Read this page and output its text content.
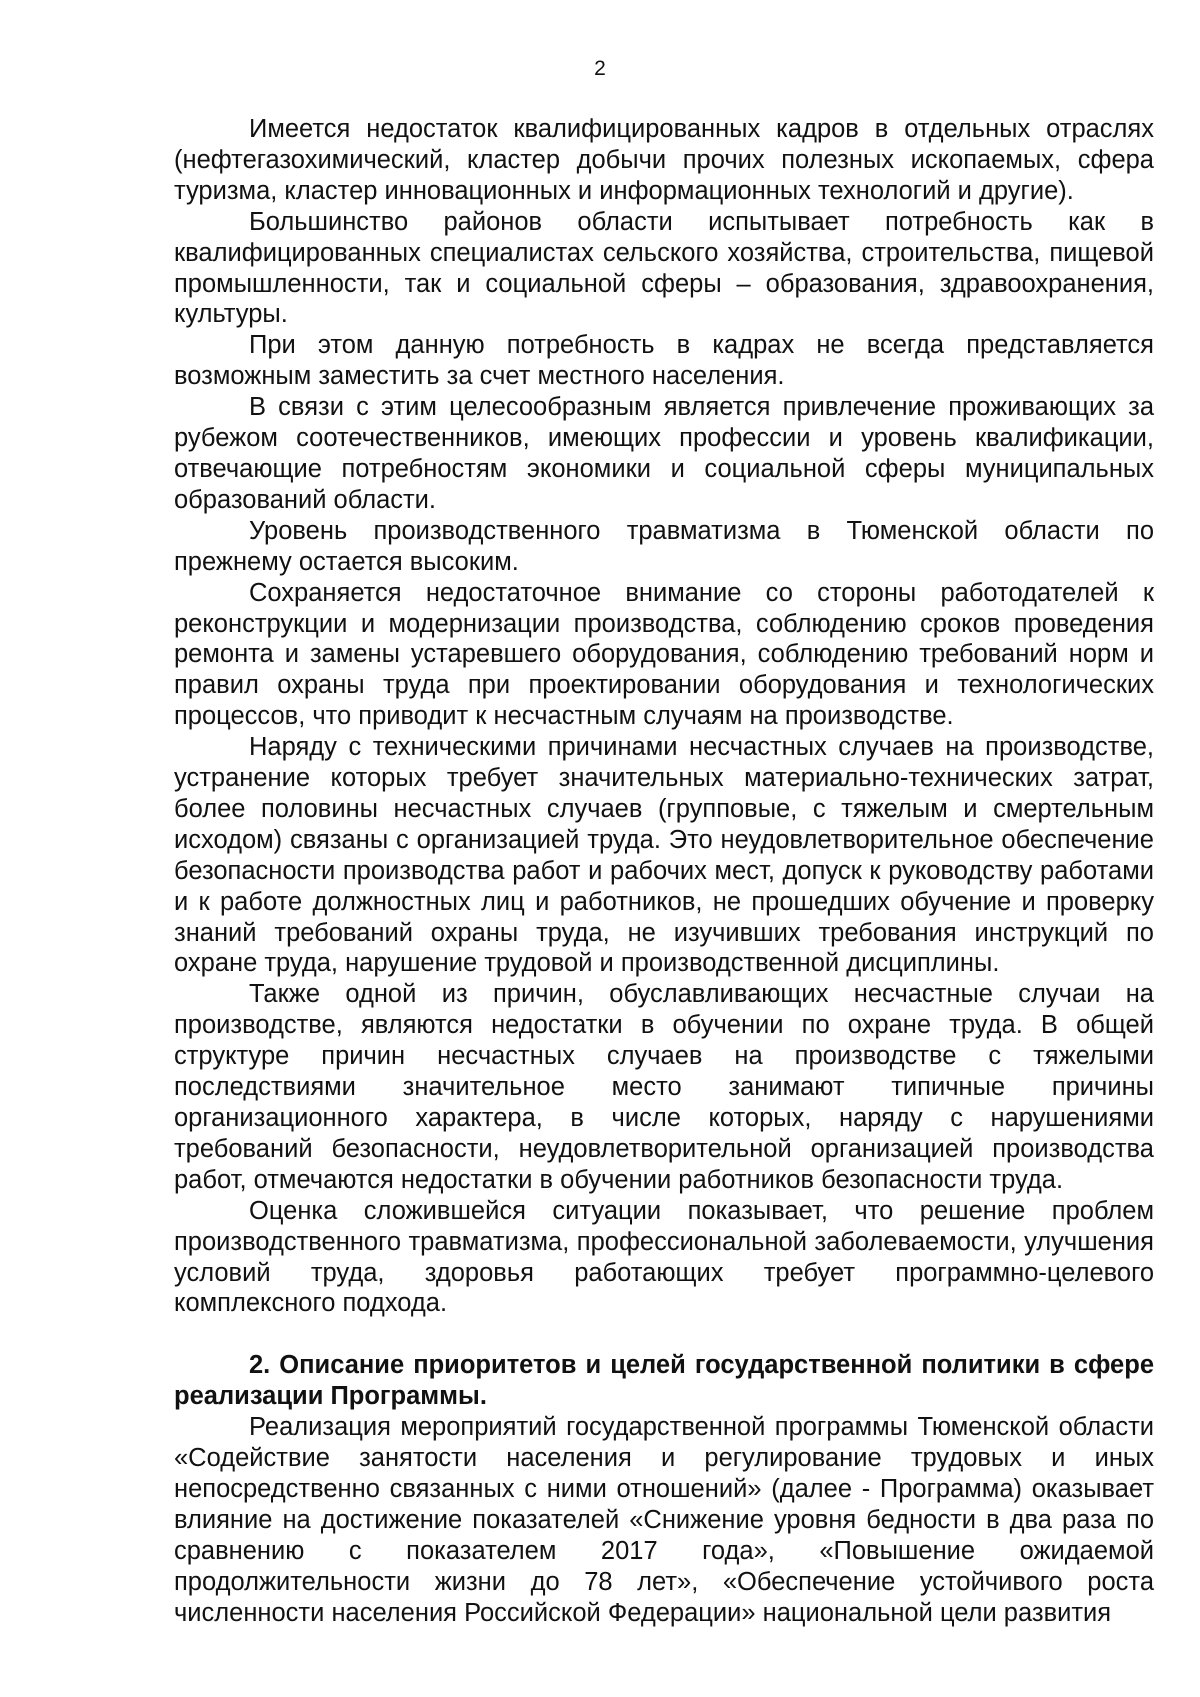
2

Имеется недостаток квалифицированных кадров в отдельных отраслях (нефтегазохимический, кластер добычи прочих полезных ископаемых, сфера туризма, кластер инновационных и информационных технологий и другие).

Большинство районов области испытывает потребность как в квалифицированных специалистах сельского хозяйства, строительства, пищевой промышленности, так и социальной сферы – образования, здравоохранения, культуры.

При этом данную потребность в кадрах не всегда представляется возможным заместить за счет местного населения.

В связи с этим целесообразным является привлечение проживающих за рубежом соотечественников, имеющих профессии и уровень квалификации, отвечающие потребностям экономики и социальной сферы муниципальных образований области.

Уровень производственного травматизма в Тюменской области по прежнему остается высоким.

Сохраняется недостаточное внимание со стороны работодателей к реконструкции и модернизации производства, соблюдению сроков проведения ремонта и замены устаревшего оборудования, соблюдению требований норм и правил охраны труда при проектировании оборудования и технологических процессов, что приводит к несчастным случаям на производстве.

Наряду с техническими причинами несчастных случаев на производстве, устранение которых требует значительных материально-технических затрат, более половины несчастных случаев (групповые, с тяжелым и смертельным исходом) связаны с организацией труда. Это неудовлетворительное обеспечение безопасности производства работ и рабочих мест, допуск к руководству работами и к работе должностных лиц и работников, не прошедших обучение и проверку знаний требований охраны труда, не изучивших требования инструкций по охране труда, нарушение трудовой и производственной дисциплины.

Также одной из причин, обуславливающих несчастные случаи на производстве, являются недостатки в обучении по охране труда. В общей структуре причин несчастных случаев на производстве с тяжелыми последствиями значительное место занимают типичные причины организационного характера, в числе которых, наряду с нарушениями требований безопасности, неудовлетворительной организацией производства работ, отмечаются недостатки в обучении работников безопасности труда.

Оценка сложившейся ситуации показывает, что решение проблем производственного травматизма, профессиональной заболеваемости, улучшения условий труда, здоровья работающих требует программно-целевого комплексного подхода.

2. Описание приоритетов и целей государственной политики в сфере реализации Программы.

Реализация мероприятий государственной программы Тюменской области «Содействие занятости населения и регулирование трудовых и иных непосредственно связанных с ними отношений» (далее - Программа) оказывает влияние на достижение показателей «Снижение уровня бедности в два раза по сравнению с показателем 2017 года», «Повышение ожидаемой продолжительности жизни до 78 лет», «Обеспечение устойчивого роста численности населения Российской Федерации» национальной цели развития
